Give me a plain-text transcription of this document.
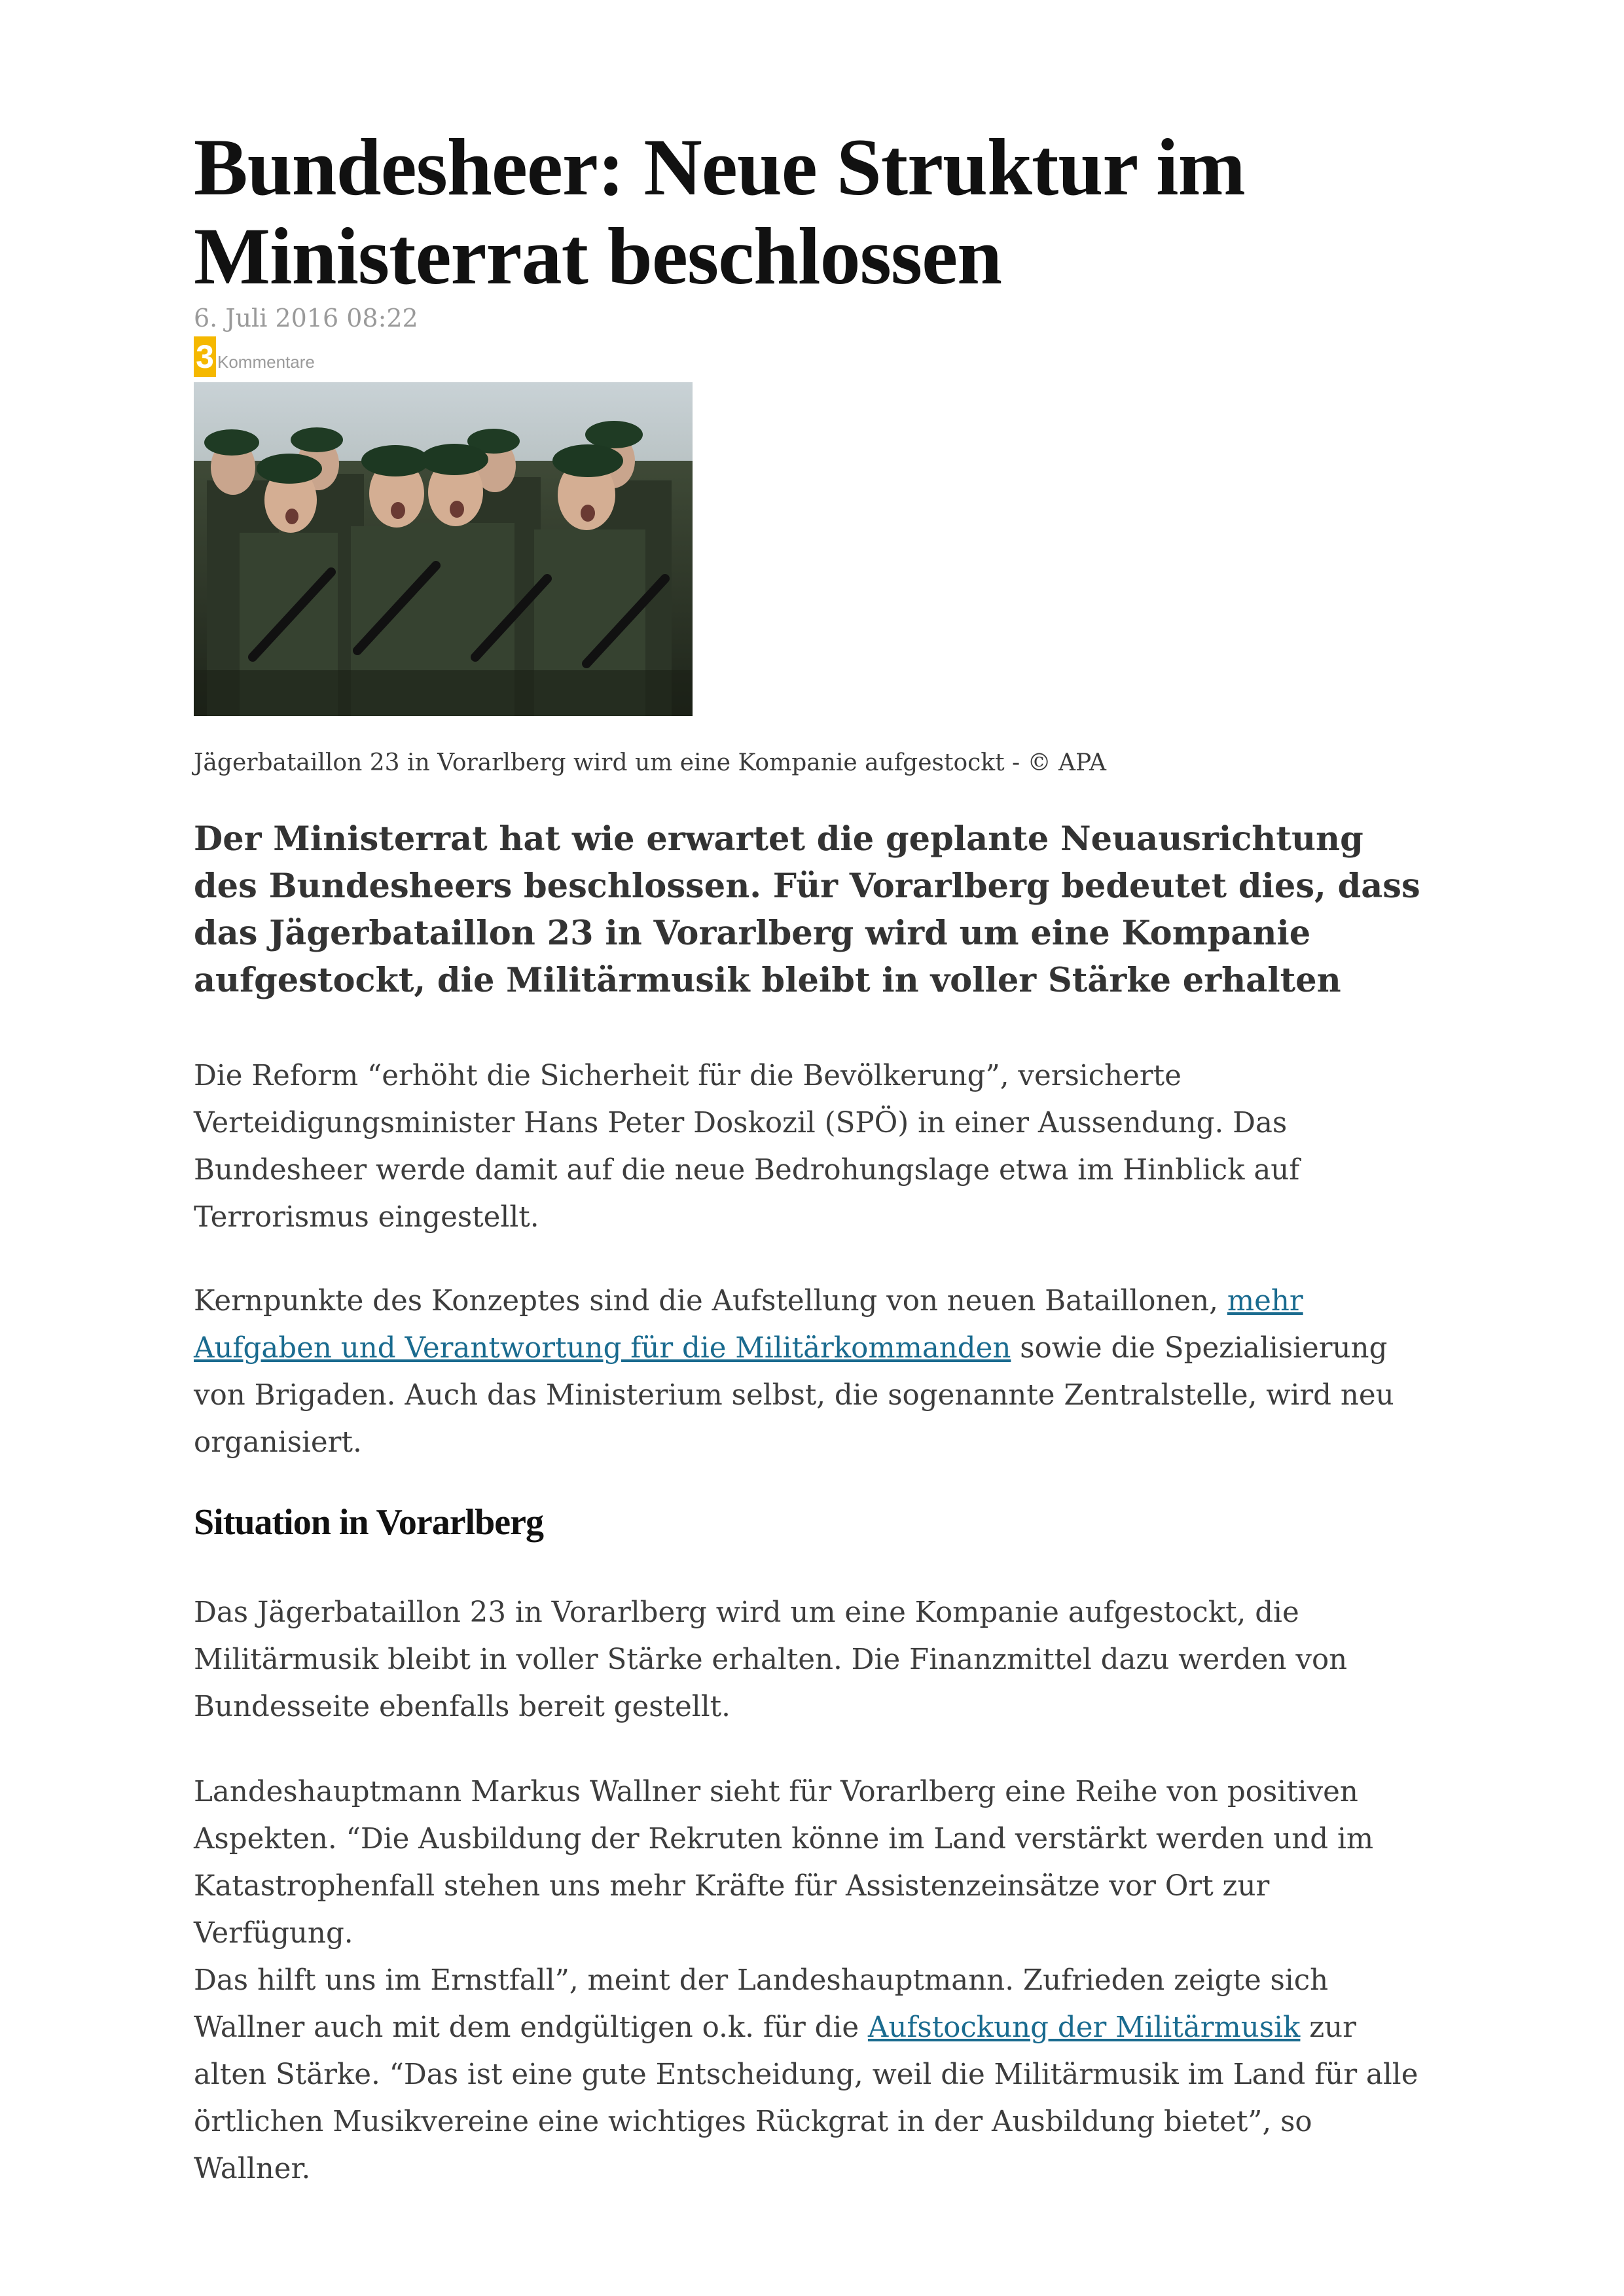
Bundesheer: Neue Struktur im
Ministerrat beschlossen
6. Juli 2016 08:22
3 Kommentare
Jägerbataillon 23 in Vorarlberg wird um eine Kompanie aufgestockt - © APA

Der Ministerrat hat wie erwartet die geplante Neuausrichtung
des Bundesheers beschlossen. Für Vorarlberg bedeutet dies, dass
das Jägerbataillon 23 in Vorarlberg wird um eine Kompanie
aufgestockt, die Militärmusik bleibt in voller Stärke erhalten

Die Reform “erhöht die Sicherheit für die Bevölkerung”, versicherte
Verteidigungsminister Hans Peter Doskozil (SPÖ) in einer Aussendung. Das
Bundesheer werde damit auf die neue Bedrohungslage etwa im Hinblick auf
Terrorismus eingestellt.

Kernpunkte des Konzeptes sind die Aufstellung von neuen Bataillonen, mehr
Aufgaben und Verantwortung für die Militärkommanden sowie die Spezialisierung
von Brigaden. Auch das Ministerium selbst, die sogenannte Zentralstelle, wird neu
organisiert.

Situation in Vorarlberg

Das Jägerbataillon 23 in Vorarlberg wird um eine Kompanie aufgestockt, die
Militärmusik bleibt in voller Stärke erhalten. Die Finanzmittel dazu werden von
Bundesseite ebenfalls bereit gestellt.

Landeshauptmann Markus Wallner sieht für Vorarlberg eine Reihe von positiven
Aspekten. “Die Ausbildung der Rekruten könne im Land verstärkt werden und im
Katastrophenfall stehen uns mehr Kräfte für Assistenzeinsätze vor Ort zur Verfügung.
Das hilft uns im Ernstfall”, meint der Landeshauptmann. Zufrieden zeigte sich
Wallner auch mit dem endgültigen o.k. für die Aufstockung der Militärmusik zur
alten Stärke. “Das ist eine gute Entscheidung, weil die Militärmusik im Land für alle
örtlichen Musikvereine eine wichtiges Rückgrat in der Ausbildung bietet”, so Wallner.
